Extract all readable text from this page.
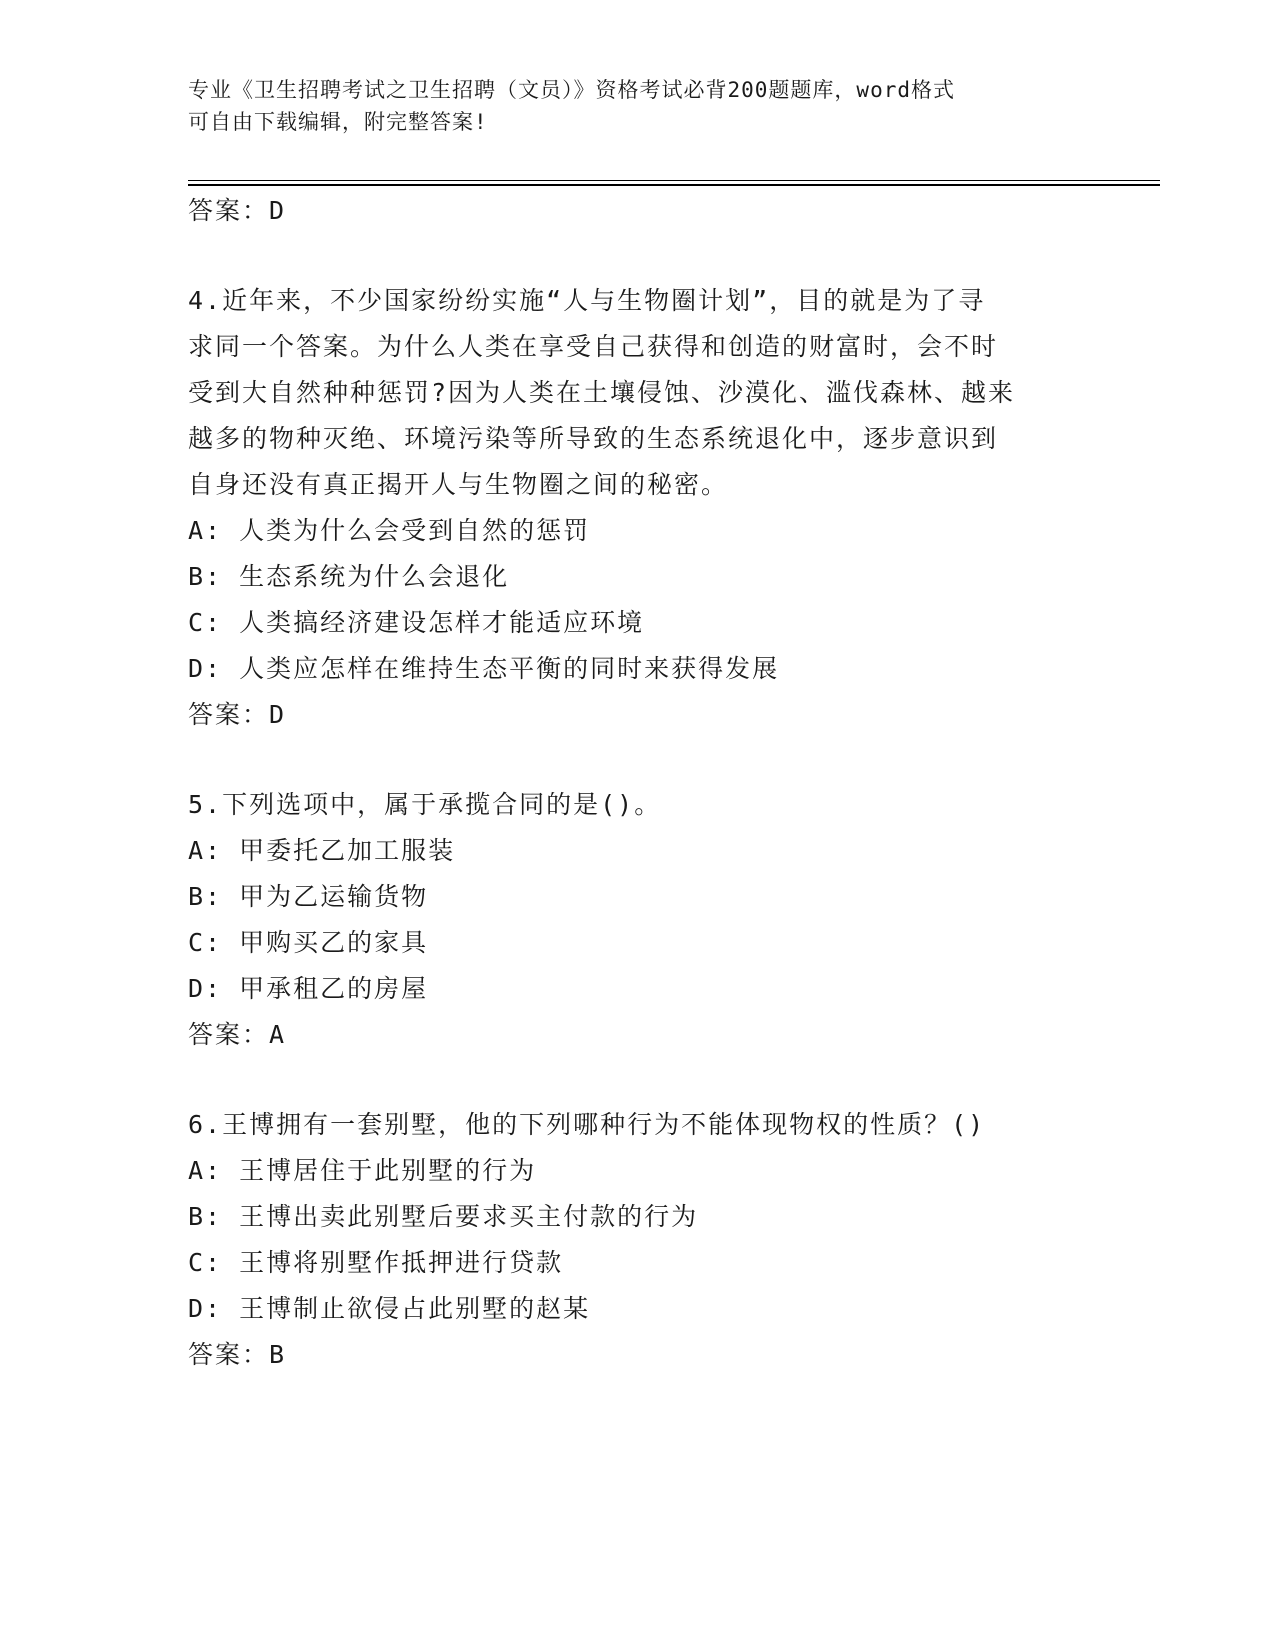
专业《卫生招聘考试之卫生招聘（文员）》资格考试必背200题题库，word格式
可自由下载编辑，附完整答案!
答案：D
4.近年来，不少国家纷纷实施“人与生物圈计划”，目的就是为了寻
求同一个答案。为什么人类在享受自己获得和创造的财富时，会不时
受到大自然种种惩罚?因为人类在土壤侵蚀、沙漠化、滥伐森林、越来
越多的物种灭绝、环境污染等所导致的生态系统退化中，逐步意识到
自身还没有真正揭开人与生物圈之间的秘密。
A: 人类为什么会受到自然的惩罚
B: 生态系统为什么会退化
C: 人类搞经济建设怎样才能适应环境
D: 人类应怎样在维持生态平衡的同时来获得发展
答案：D
5.下列选项中，属于承揽合同的是()。
A: 甲委托乙加工服装
B: 甲为乙运输货物
C: 甲购买乙的家具
D: 甲承租乙的房屋
答案：A
6.王博拥有一套别墅，他的下列哪种行为不能体现物权的性质？()
A: 王博居住于此别墅的行为
B: 王博出卖此别墅后要求买主付款的行为
C: 王博将别墅作抵押进行贷款
D: 王博制止欲侵占此别墅的赵某
答案：B
